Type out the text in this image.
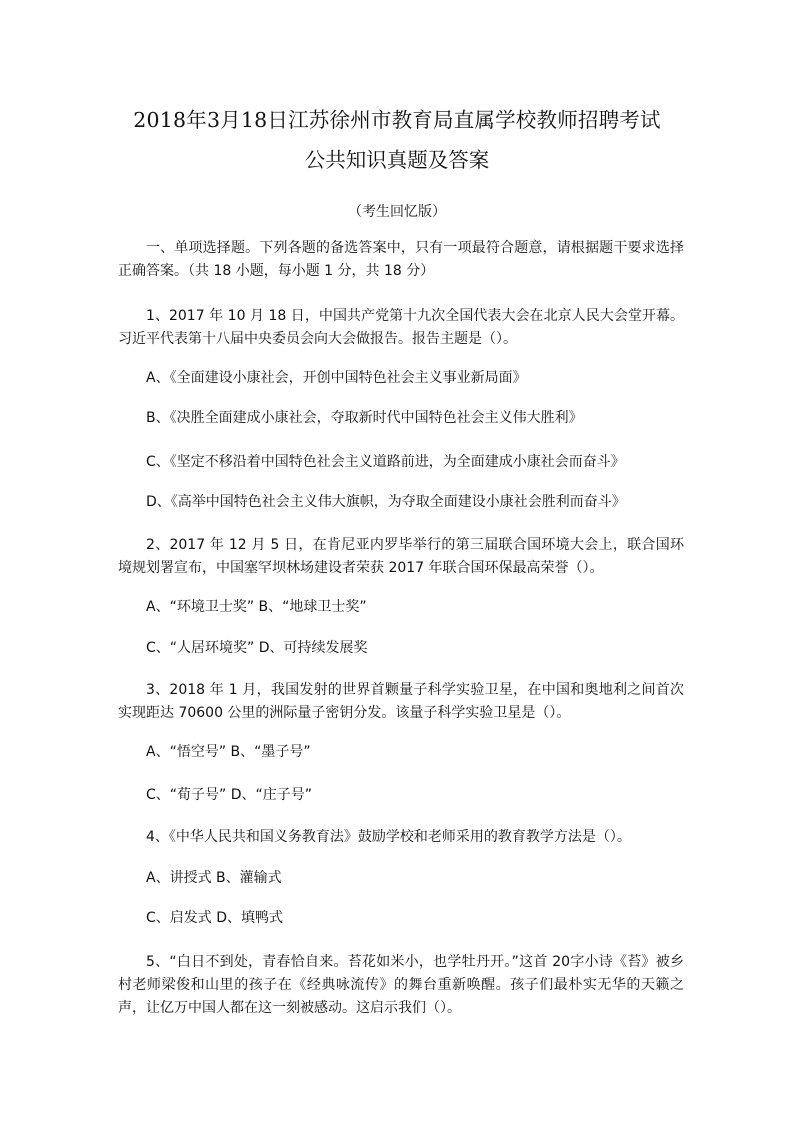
2018年3月18日江苏徐州市教育局直属学校教师招聘考试
公共知识真题及答案
（考生回忆版）

一、单项选择题。下列各题的备选答案中，只有一项最符合题意，请根据题干要求选择正确答案。（共 18 小题，每小题 1 分，共 18 分）

1、2017 年 10 月 18 日，中国共产党第十九次全国代表大会在北京人民大会堂开幕。习近平代表第十八届中央委员会向大会做报告。报告主题是（）。

A、《全面建设小康社会，开创中国特色社会主义事业新局面》

B、《决胜全面建成小康社会，夺取新时代中国特色社会主义伟大胜利》

C、《坚定不移沿着中国特色社会主义道路前进，为全面建成小康社会而奋斗》

D、《高举中国特色社会主义伟大旗帜，为夺取全面建设小康社会胜利而奋斗》

2、2017 年 12 月 5 日，在肯尼亚内罗毕举行的第三届联合国环境大会上，联合国环境规划署宣布，中国塞罕坝林场建设者荣获 2017 年联合国环保最高荣誉（）。

A、“环境卫士奖” B、“地球卫士奖”

C、“人居环境奖” D、可持续发展奖

3、2018 年 1 月，我国发射的世界首颗量子科学实验卫星，在中国和奥地利之间首次实现距达 70600 公里的洲际量子密钥分发。该量子科学实验卫星是（）。

A、“悟空号” B、“墨子号”

C、“荀子号” D、“庄子号”

4、《中华人民共和国义务教育法》鼓励学校和老师采用的教育教学方法是（）。

A、讲授式 B、灌输式

C、启发式 D、填鸭式

5、“白日不到处，青春恰自来。苔花如米小，也学牡丹开。”这首 20字小诗《苔》被乡村老师梁俊和山里的孩子在《经典咏流传》的舞台重新唤醒。孩子们最朴实无华的天籁之声，让亿万中国人都在这一刻被感动。这启示我们（）。
